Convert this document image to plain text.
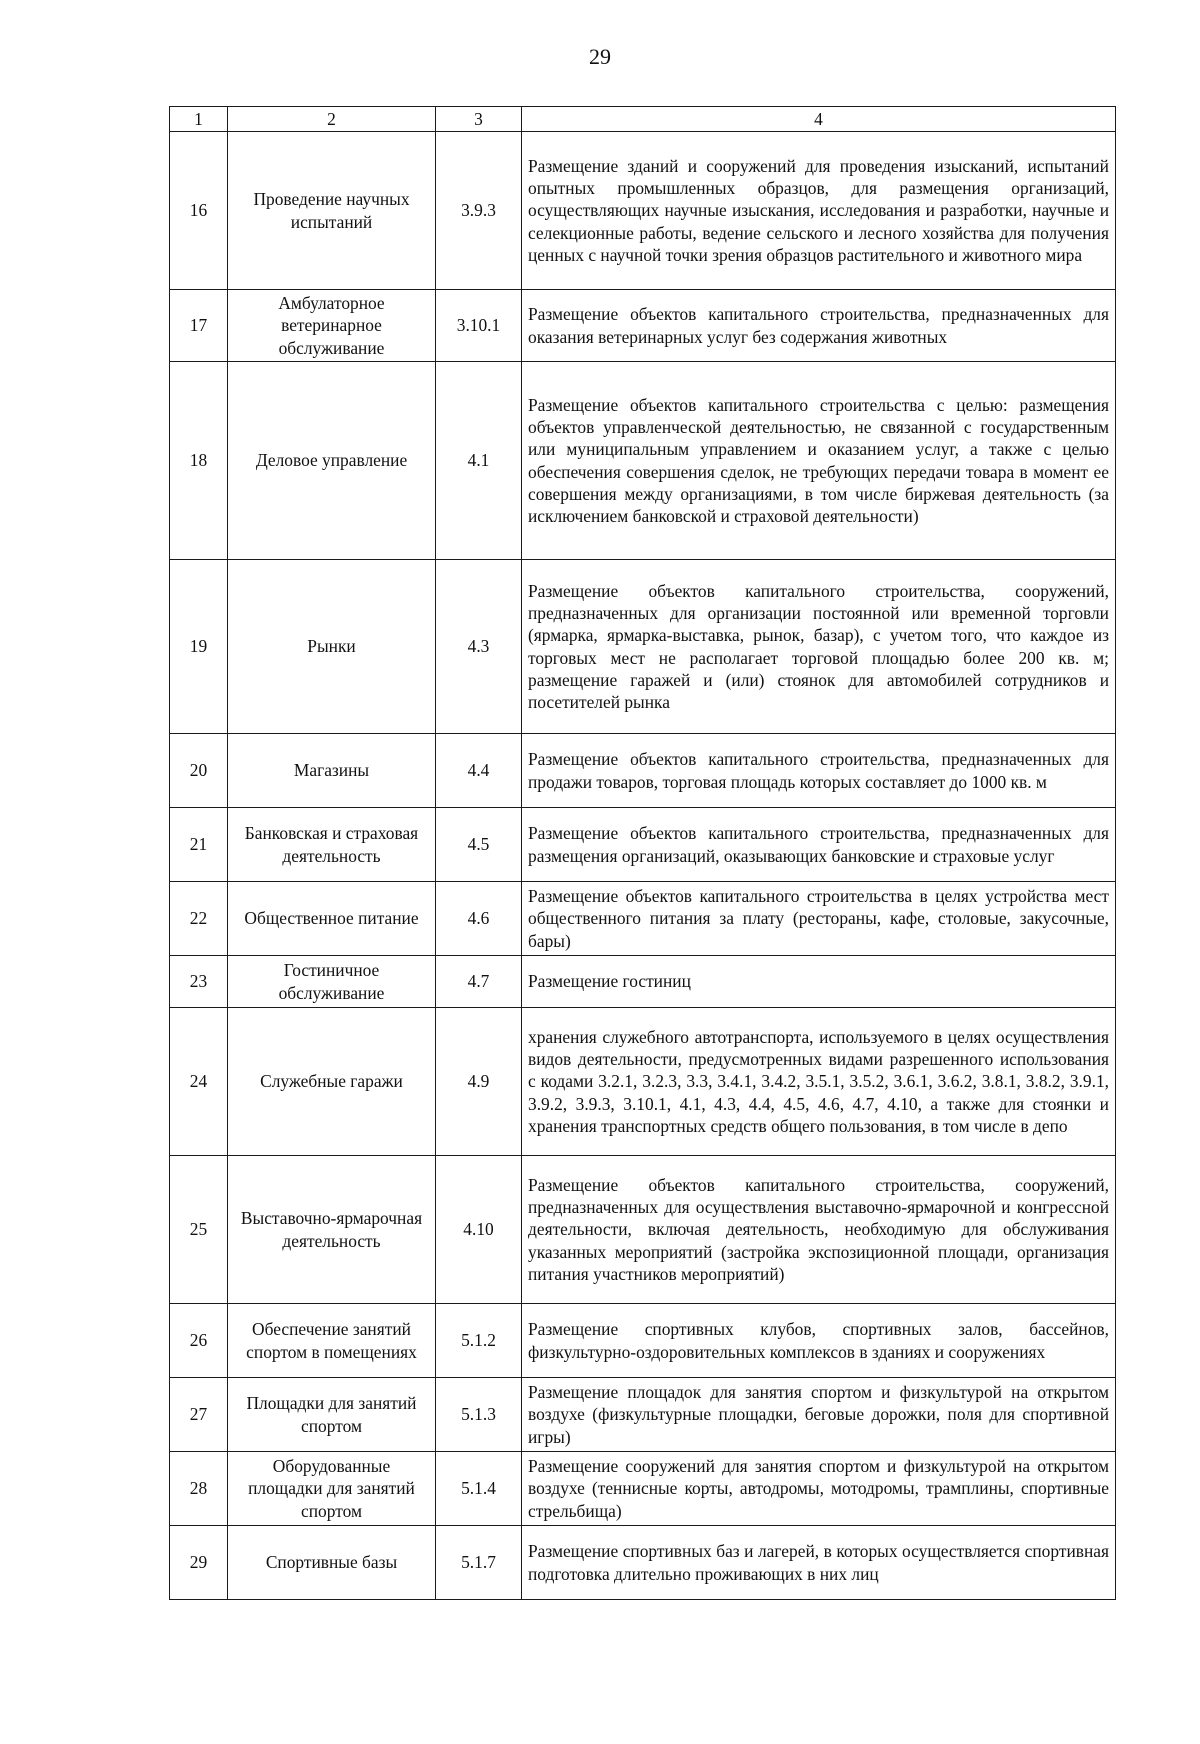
29
1	2	3	4
16	Проведение научных испытаний	3.9.3	Размещение зданий и сооружений для проведения изысканий, испытаний опытных промышленных образцов, для размещения организаций, осуществляющих научные изыскания, исследования и разработки, научные и селекционные работы, ведение сельского и лесного хозяйства для получения ценных с научной точки зрения образцов растительного и животного мира
17	Амбулаторное ветеринарное обслуживание	3.10.1	Размещение объектов капитального строительства, предназначенных для оказания ветеринарных услуг без содержания животных
18	Деловое управление	4.1	Размещение объектов капитального строительства с целью: размещения объектов управленческой деятельностью, не связанной с государственным или муниципальным управлением и оказанием услуг, а также с целью обеспечения совершения сделок, не требующих передачи товара в момент ее совершения между организациями, в том числе биржевая деятельность (за исключением банковской и страховой деятельности)
19	Рынки	4.3	Размещение объектов капитального строительства, сооружений, предназначенных для организации постоянной или временной торговли (ярмарка, ярмарка-выставка, рынок, базар), с учетом того, что каждое из торговых мест не располагает торговой площадью более 200 кв. м; размещение гаражей и (или) стоянок для автомобилей сотрудников и посетителей рынка
20	Магазины	4.4	Размещение объектов капитального строительства, предназначенных для продажи товаров, торговая площадь которых составляет до 1000 кв. м
21	Банковская и страховая деятельность	4.5	Размещение объектов капитального строительства, предназначенных для размещения организаций, оказывающих банковские и страховые услуг
22	Общественное питание	4.6	Размещение объектов капитального строительства в целях устройства мест общественного питания за плату (рестораны, кафе, столовые, закусочные, бары)
23	Гостиничное обслуживание	4.7	Размещение гостиниц
24	Служебные гаражи	4.9	хранения служебного автотранспорта, используемого в целях осуществления видов деятельности, предусмотренных видами разрешенного использования с кодами 3.2.1, 3.2.3, 3.3, 3.4.1, 3.4.2, 3.5.1, 3.5.2, 3.6.1, 3.6.2, 3.8.1, 3.8.2, 3.9.1, 3.9.2, 3.9.3, 3.10.1, 4.1, 4.3, 4.4, 4.5, 4.6, 4.7, 4.10, а также для стоянки и хранения транспортных средств общего пользования, в том числе в депо
25	Выставочно-ярмарочная деятельность	4.10	Размещение объектов капитального строительства, сооружений, предназначенных для осуществления выставочно-ярмарочной и конгрессной деятельности, включая деятельность, необходимую для обслуживания указанных мероприятий (застройка экспозиционной площади, организация питания участников мероприятий)
26	Обеспечение занятий спортом в помещениях	5.1.2	Размещение спортивных клубов, спортивных залов, бассейнов, физкультурно-оздоровительных комплексов в зданиях и сооружениях
27	Площадки для занятий спортом	5.1.3	Размещение площадок для занятия спортом и физкультурой на открытом воздухе (физкультурные площадки, беговые дорожки, поля для спортивной игры)
28	Оборудованные площадки для занятий спортом	5.1.4	Размещение сооружений для занятия спортом и физкультурой на открытом воздухе (теннисные корты, автодромы, мотодромы, трамплины, спортивные стрельбища)
29	Спортивные базы	5.1.7	Размещение спортивных баз и лагерей, в которых осуществляется спортивная подготовка длительно проживающих в них лиц
